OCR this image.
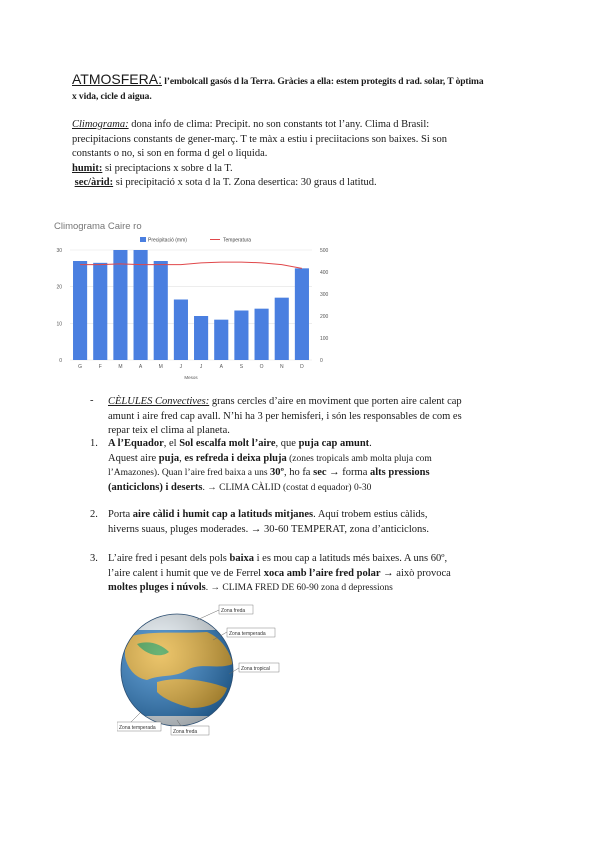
ATMOSFERA: l’embolcall gasós d la Terra. Gràcies a ella: estem protegits d rad. solar, T òptima
x vida, cicle d aigua.
Climograma: dona info de clima: Precipit. no son constants tot l’any. Clima d Brasil:
precipitacions constants de gener-març. T te màx a estiu i preciitacions son baixes. Si son
constants o no, si son en forma d gel o liquida.
humit: si preciptacions x sobre d la T.
sec/àrid: si precipitació x sota d la T. Zona desertica: 30 graus d latitud.
Climograma Caire ro
0
10
20
30
0
100
200
300
400
500
G	F	M	A	M	J	J	A	S	O	N	D
Mesos
Precipitació (mm)	Temperatura
- CÈLULES Convectives: grans cercles d’aire en moviment que porten aire calent cap
amunt i aire fred cap avall. N’hi ha 3 per hemisferi, i són les responsables de com es
repar teix el clima al planeta.
1. A l’Equador, el Sol escalfa molt l’aire, que puja cap amunt.
Aquest aire puja, es refreda i deixa pluja (zones tropicals amb molta pluja com
l’Amazones). Quan l’aire fred baixa a uns 30º, ho fa sec → forma alts pressions
(anticiclons) i deserts. → CLIMA CÀLID (costat d equador) 0-30
2. Porta aire càlid i humit cap a latituds mitjanes. Aquí trobem estius càlids,
hiverns suaus, pluges moderades. → 30-60 TEMPERAT, zona d’anticiclons.
3. L’aire fred i pesant dels pols baixa i es mou cap a latituds més baixes. A uns 60º,
l’aire calent i humit que ve de Ferrel xoca amb l’aire fred polar → això provoca
moltes pluges i núvols. → CLIMA FRED DE 60-90 zona d depressions
Zona freda
Zona temperada
Zona tropical
Zona temperada
Zona freda
